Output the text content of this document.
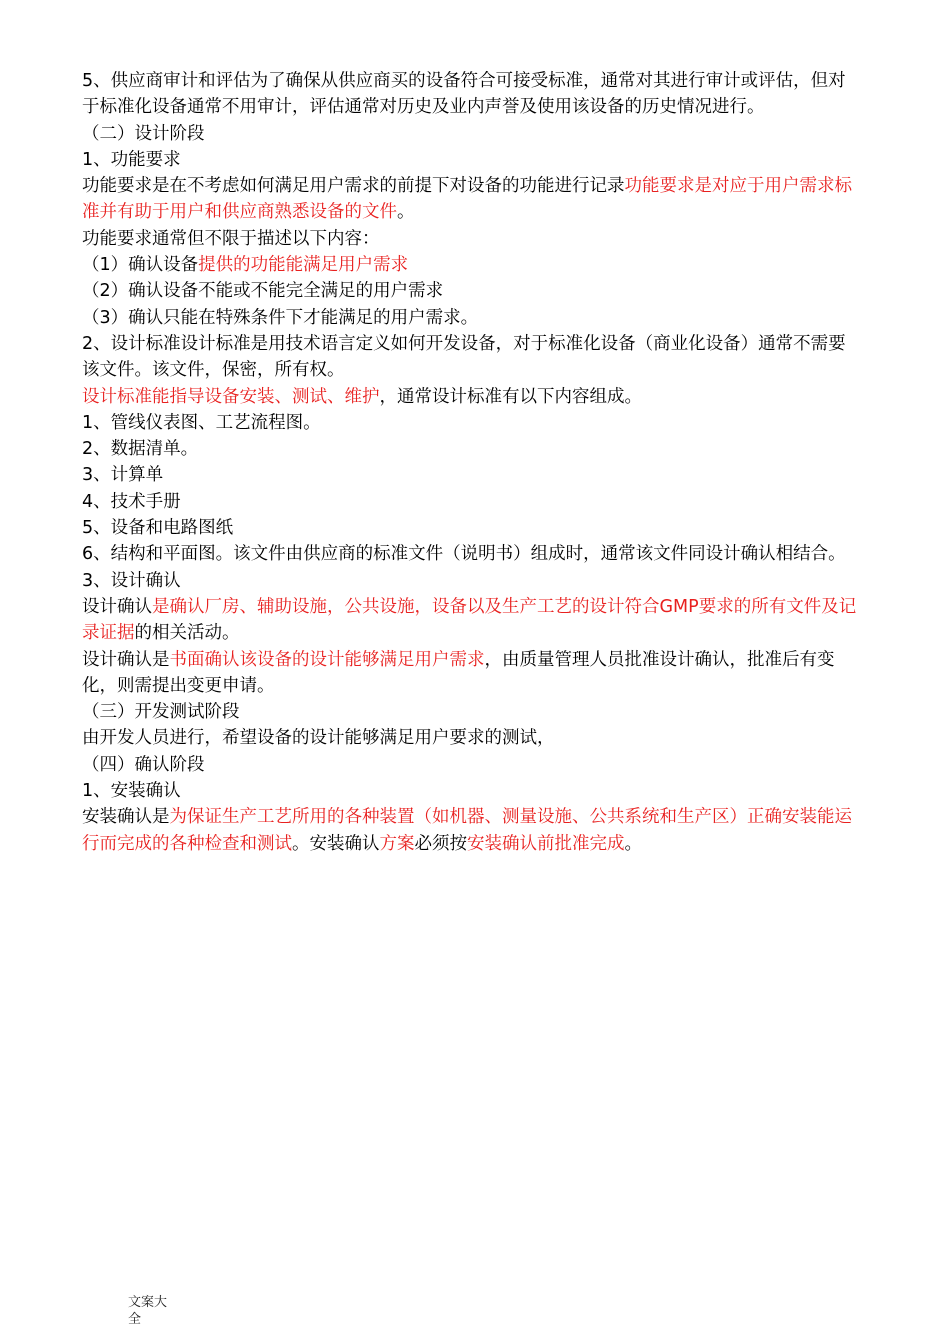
5、供应商审计和评估为了确保从供应商买的设备符合可接受标准，通常对其进行审计或评估，但对于标准化设备通常不用审计，评估通常对历史及业内声誉及使用该设备的历史情况进行。
（二）设计阶段
1、功能要求
功能要求是在不考虑如何满足用户需求的前提下对设备的功能进行记录功能要求是对应于用户需求标准并有助于用户和供应商熟悉设备的文件。
功能要求通常但不限于描述以下内容：
（1）确认设备提供的功能能满足用户需求
（2）确认设备不能或不能完全满足的用户需求
（3）确认只能在特殊条件下才能满足的用户需求。
2、设计标准设计标准是用技术语言定义如何开发设备，对于标准化设备（商业化设备）通常不需要该文件。该文件，保密，所有权。
设计标准能指导设备安装、测试、维护，通常设计标准有以下内容组成。
1、管线仪表图、工艺流程图。
2、数据清单。
3、计算单
4、技术手册
5、设备和电路图纸
6、结构和平面图。该文件由供应商的标准文件（说明书）组成时，通常该文件同设计确认相结合。
3、设计确认
设计确认是确认厂房、辅助设施，公共设施，设备以及生产工艺的设计符合GMP要求的所有文件及记录证据的相关活动。
设计确认是书面确认该设备的设计能够满足用户需求，由质量管理人员批准设计确认，批准后有变化，则需提出变更申请。
（三）开发测试阶段
由开发人员进行，希望设备的设计能够满足用户要求的测试，
（四）确认阶段
1、安装确认
安装确认是为保证生产工艺所用的各种装置（如机器、测量设施、公共系统和生产区）正确安装能运行而完成的各种检查和测试。安装确认方案必须按安装确认前批准完成。
文案大
全
